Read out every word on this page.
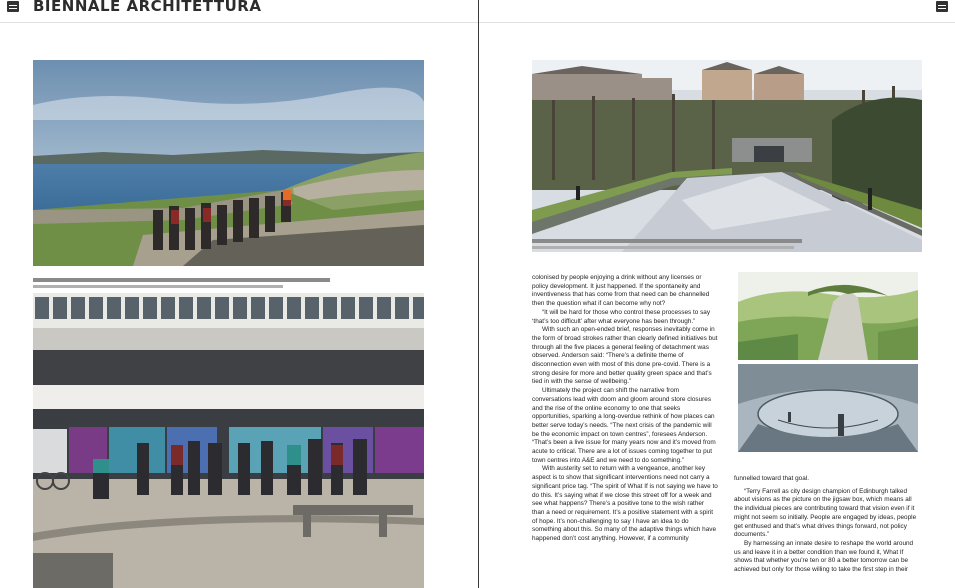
BIENNALE ARCHITETTURA

colonised by people enjoying a drink without any licenses or policy development. It just happened. If the spontaneity and inventiveness that has come from that need can be channelled then the question what if can become why not?

“It will be hard for those who control these processes to say ‘that’s too difficult’ after what everyone has been through.”

With such an open-ended brief, responses inevitably come in the form of broad strokes rather than clearly defined initiatives but through all the five places a general feeling of detachment was observed. Anderson said: “There’s a definite theme of disconnection even with most of this done pre-covid. There is a strong desire for more and better quality green space and that’s tied in with the sense of wellbeing.”

Ultimately the project can shift the narrative from conversations lead with doom and gloom around store closures and the rise of the online economy to one that seeks opportunities, sparking a long-overdue rethink of how places can better serve today’s needs. “The next crisis of the pandemic will be the economic impact on town centres”, foresees Anderson. “That’s been a live issue for many years now and it’s moved from acute to critical. There are a lot of issues coming together to put town centres into A&E and we need to do something.”

With austerity set to return with a vengeance, another key aspect is to show that significant interventions need not carry a significant price tag. “The spirit of What If is not saying we have to do this. It’s saying what if we close this street off for a week and see what happens? There’s a positive tone to the wish rather than a need or requirement. It’s a positive statement with a spirit of hope. It’s non-challenging to say I have an idea to do something about this. So many of the adaptive things which have happened don’t cost anything. However, if a community

funnelled toward that goal.

“Terry Farrell as city design champion of Edinburgh talked about visions as the picture on the jigsaw box, which means all the individual pieces are contributing toward that vision even if it might not seem so initially. People are engaged by ideas, people get enthused and that’s what drives things forward, not policy documents.”

By harnessing an innate desire to reshape the world around us and leave it in a better condition than we found it, What If shows that whether you’re ten or 80 a better tomorrow can be achieved but only for those willing to take the first step in their
